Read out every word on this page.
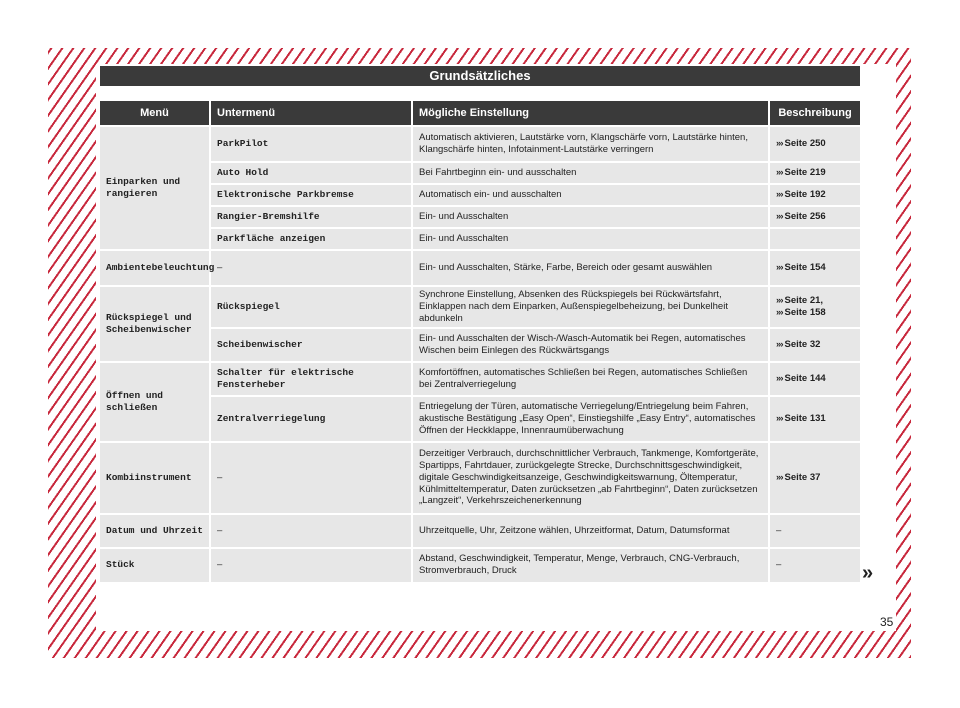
Grundsätzliches
Menü	Untermenü	Mögliche Einstellung	Beschreibung
Einparken und rangieren	ParkPilot	Automatisch aktivieren, Lautstärke vorn, Klangschärfe vorn, Lautstärke hinten, Klangschärfe hinten, Infotainment-Lautstärke verringern	››› Seite 250
	Auto Hold	Bei Fahrtbeginn ein- und ausschalten	››› Seite 219
	Elektronische Parkbremse	Automatisch ein- und ausschalten	››› Seite 192
	Rangier-Bremshilfe	Ein- und Ausschalten	››› Seite 256
	Parkfläche anzeigen	Ein- und Ausschalten	
Ambientebeleuchtung	–	Ein- und Ausschalten, Stärke, Farbe, Bereich oder gesamt auswählen	››› Seite 154
Rückspiegel und Scheibenwischer	Rückspiegel	Synchrone Einstellung, Absenken des Rückspiegels bei Rückwärtsfahrt, Einklappen nach dem Einparken, Außenspiegelbeheizung, bei Dunkelheit abdunkeln	››› Seite 21, ››› Seite 158
	Scheibenwischer	Ein- und Ausschalten der Wisch-/Wasch-Automatik bei Regen, automatisches Wischen beim Einlegen des Rückwärtsgangs	››› Seite 32
Öffnen und schließen	Schalter für elektrische Fensterheber	Komfortöffnen, automatisches Schließen bei Regen, automatisches Schließen bei Zentralverriegelung	››› Seite 144
	Zentralverriegelung	Entriegelung der Türen, automatische Verriegelung/Entriegelung beim Fahren, akustische Bestätigung „Easy Open“, Einstiegshilfe „Easy Entry“, automatisches Öffnen der Heckklappe, Innenraumüberwachung	››› Seite 131
Kombiinstrument	–	Derzeitiger Verbrauch, durchschnittlicher Verbrauch, Tankmenge, Komfortgeräte, Spartipps, Fahrtdauer, zurückgelegte Strecke, Durchschnittsgeschwindigkeit, digitale Geschwindigkeitsanzeige, Geschwindigkeitswarnung, Öltemperatur, Kühlmitteltemperatur, Daten zurücksetzen „ab Fahrtbeginn“, Daten zurücksetzen „Langzeit“, Verkehrszeichenerkennung	››› Seite 37
Datum und Uhrzeit	–	Uhrzeitquelle, Uhr, Zeitzone wählen, Uhrzeitformat, Datum, Datumsformat	–
Stück	–	Abstand, Geschwindigkeit, Temperatur, Menge, Verbrauch, CNG-Verbrauch, Stromverbrauch, Druck	–	»
35
